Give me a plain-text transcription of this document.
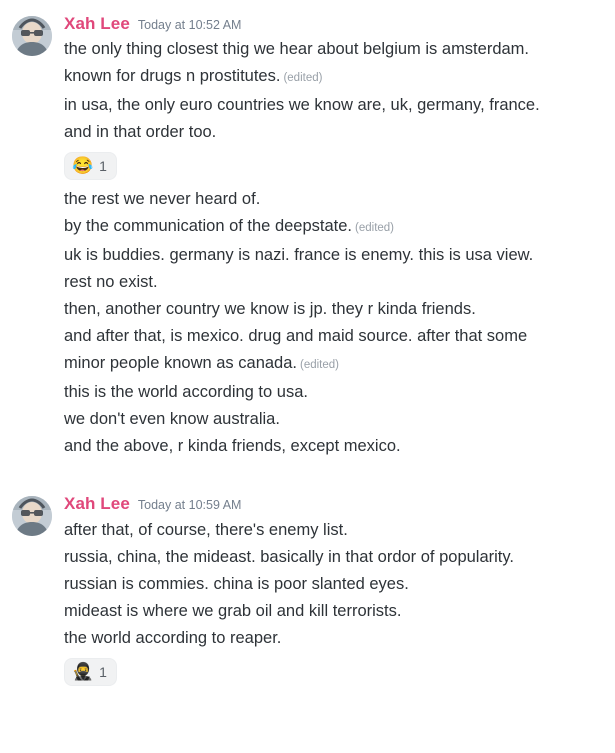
Xah Lee Today at 10:52 AM
the only thing closest thig we hear about belgium is amsterdam.
known for drugs n prostitutes. (edited)
in usa, the only euro countries we know are, uk, germany, france.
and in that order too.
😂 1
the rest we never heard of.
by the communication of the deepstate. (edited)
uk is buddies. germany is nazi. france is enemy. this is usa view.
rest no exist.
then, another country we know is jp. they r kinda friends.
and after that, is mexico. drug and maid source. after that some
minor people known as canada. (edited)
this is the world according to usa.
we don't even know australia.
and the above, r kinda friends, except mexico.
Xah Lee Today at 10:59 AM
after that, of course, there's enemy list.
russia, china, the mideast. basically in that ordor of popularity.
russian is commies. china is poor slanted eyes.
mideast is where we grab oil and kill terrorists.
the world according to reaper.
🥷 1
